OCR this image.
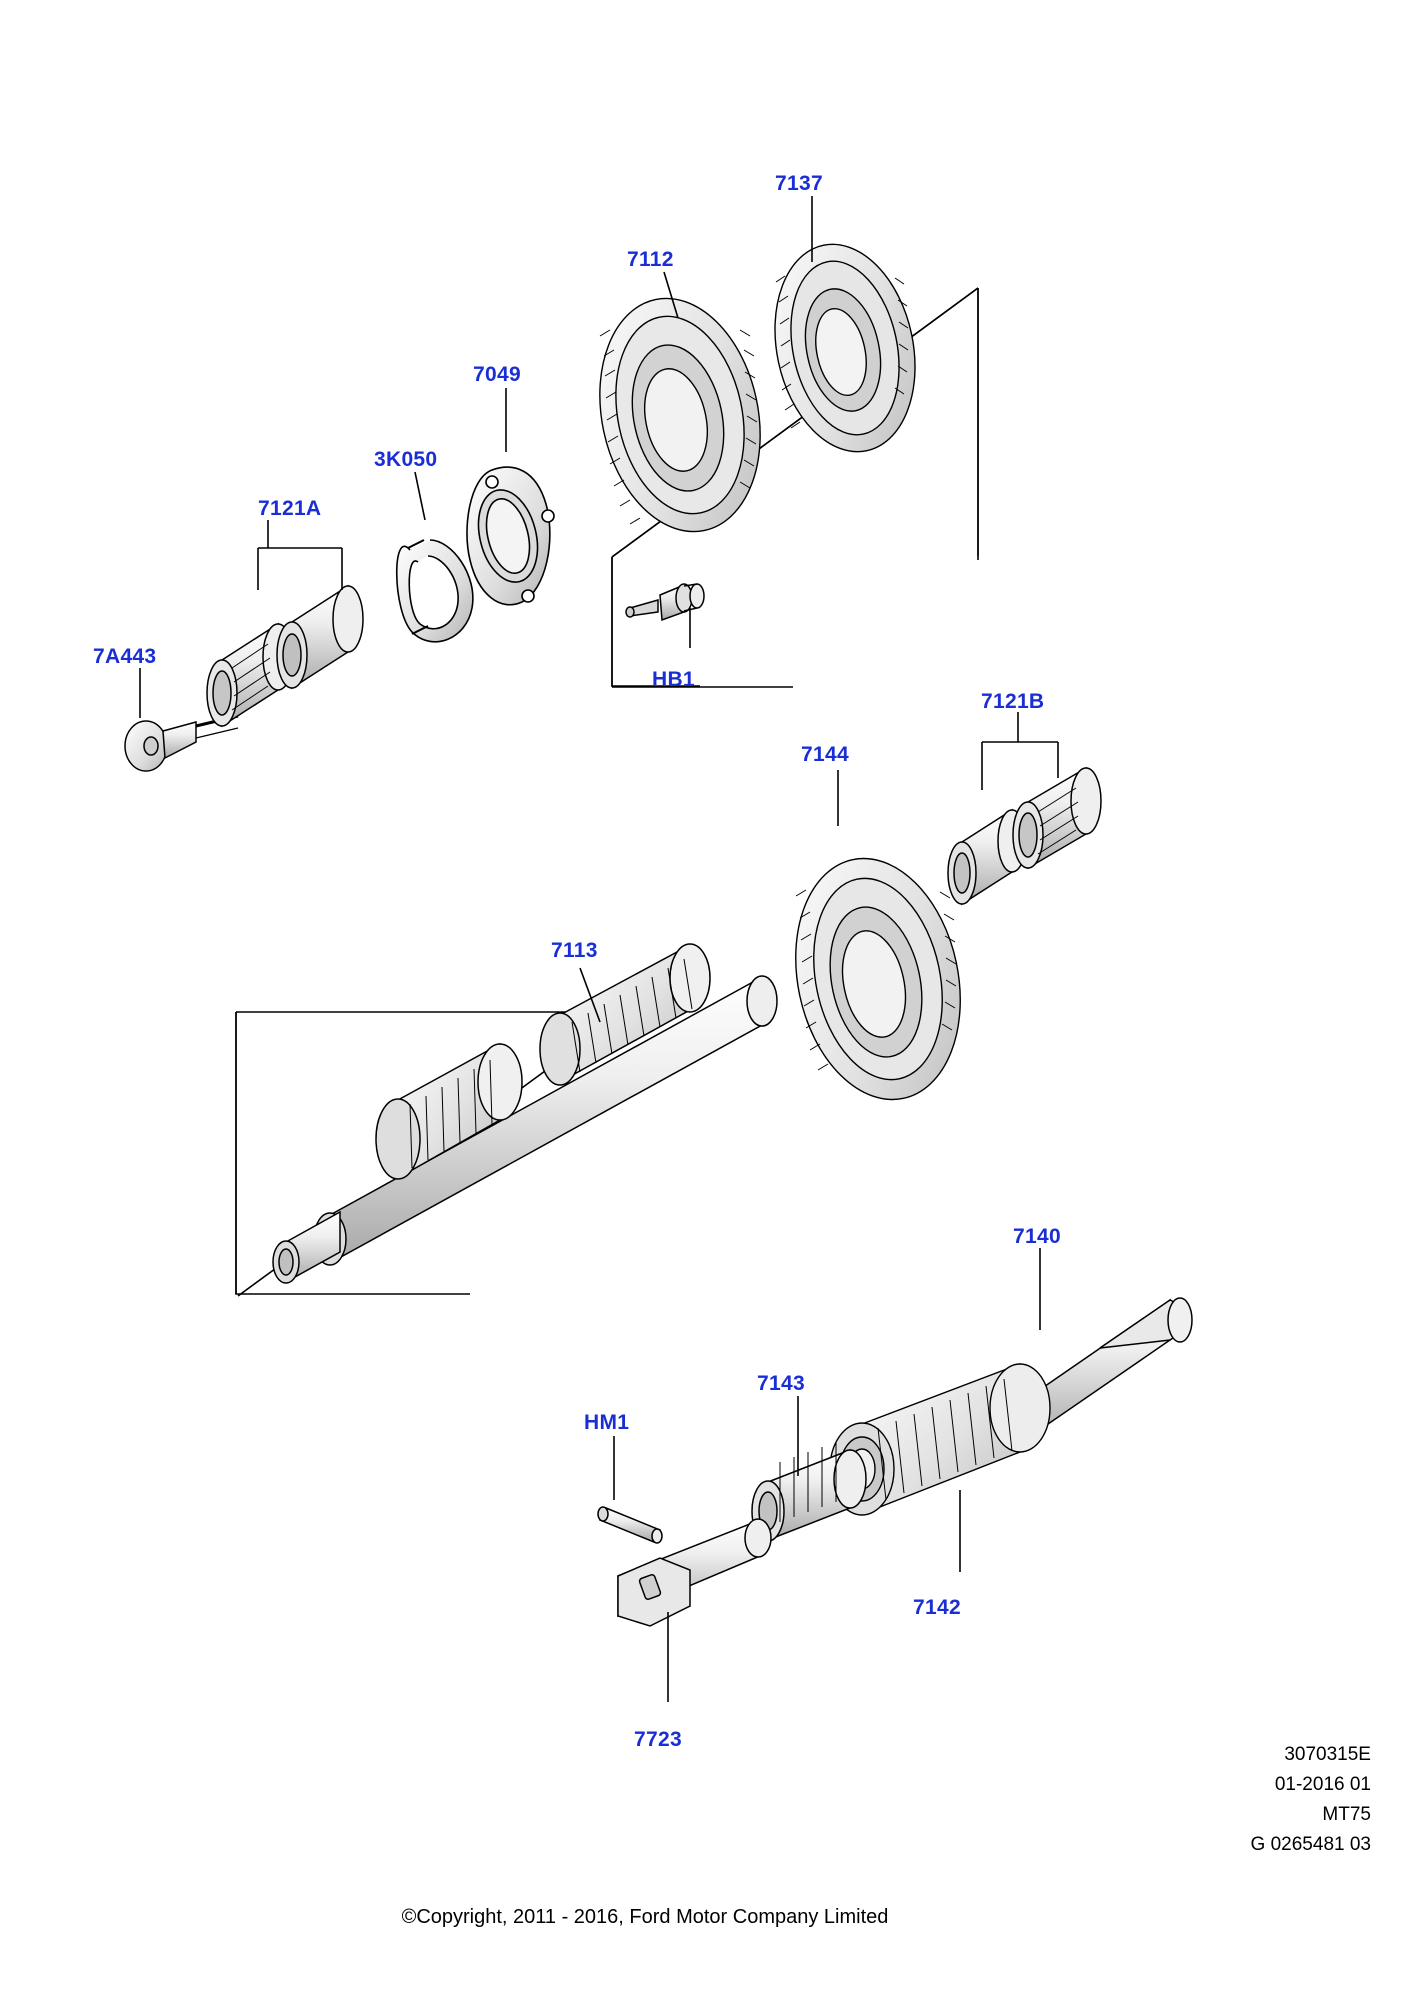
7137
7112
7049
3K050
7121A
7A443
HB1
7121B
7144
7113
7140
HM1
7143
7142
7723
3070315E
01-2016 01
MT75
G 0265481 03
©Copyright, 2011 - 2016, Ford Motor Company Limited
